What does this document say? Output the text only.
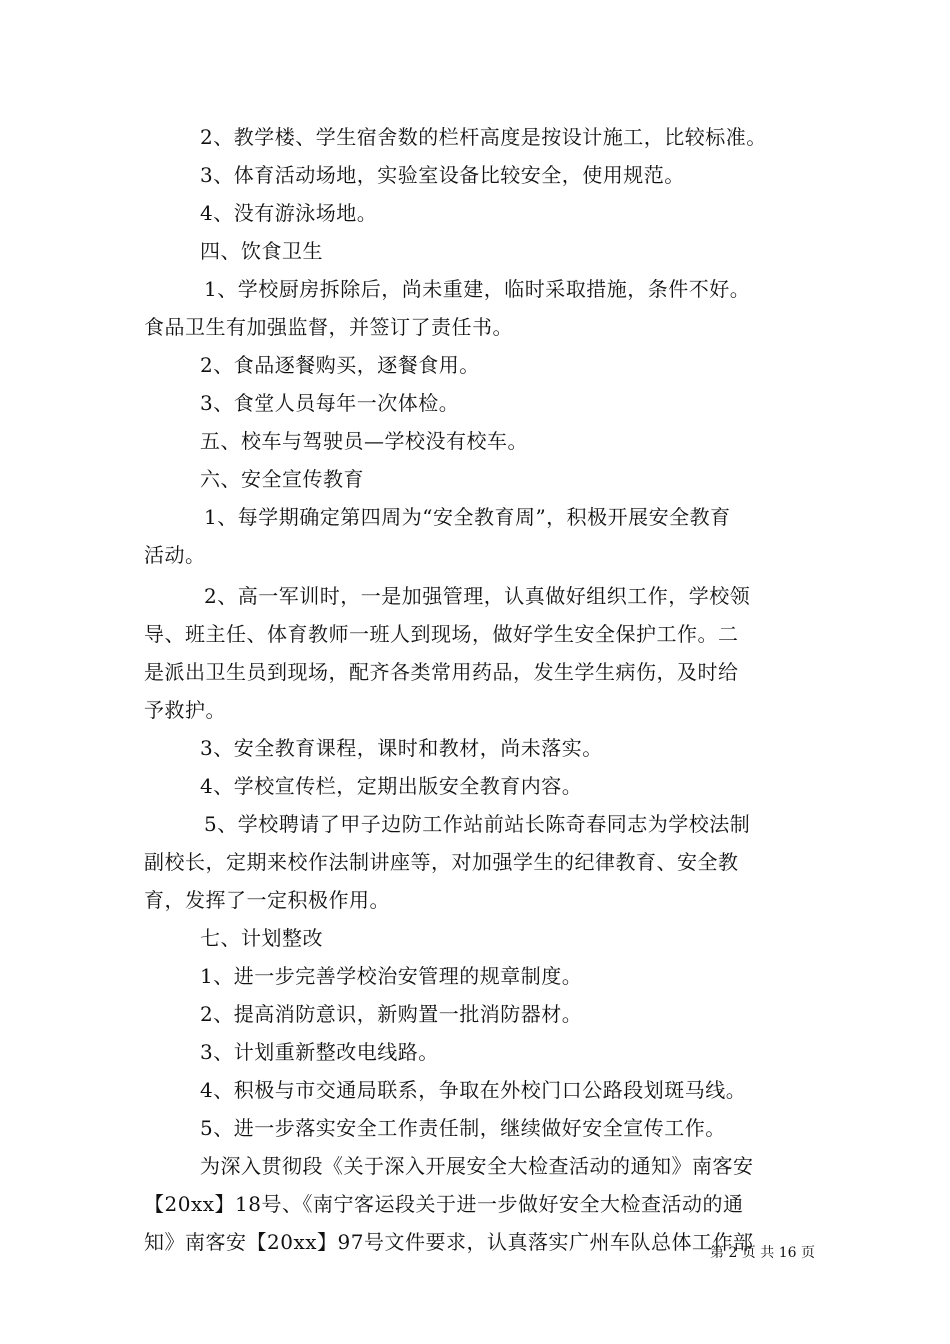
2、教学楼、学生宿舍数的栏杆高度是按设计施工，比较标准。
3、体育活动场地，实验室设备比较安全，使用规范。
4、没有游泳场地。
四、饮食卫生
1、学校厨房拆除后，尚未重建，临时采取措施，条件不好。
食品卫生有加强监督，并签订了责任书。
2、食品逐餐购买，逐餐食用。
3、食堂人员每年一次体检。
五、校车与驾驶员—学校没有校车。
六、安全宣传教育
1、每学期确定第四周为“安全教育周”，积极开展安全教育
活动。
2、高一军训时，一是加强管理，认真做好组织工作，学校领
导、班主任、体育教师一班人到现场，做好学生安全保护工作。二
是派出卫生员到现场，配齐各类常用药品，发生学生病伤，及时给
予救护。
3、安全教育课程，课时和教材，尚未落实。
4、学校宣传栏，定期出版安全教育内容。
5、学校聘请了甲子边防工作站前站长陈奇春同志为学校法制
副校长，定期来校作法制讲座等，对加强学生的纪律教育、安全教
育，发挥了一定积极作用。
七、计划整改
1、进一步完善学校治安管理的规章制度。
2、提高消防意识，新购置一批消防器材。
3、计划重新整改电线路。
4、积极与市交通局联系，争取在外校门口公路段划斑马线。
5、进一步落实安全工作责任制，继续做好安全宣传工作。
为深入贯彻段《关于深入开展安全大检查活动的通知》南客安
【20xx】18号、《南宁客运段关于进一步做好安全大检查活动的通
知》南客安【20xx】97号文件要求，认真落实广州车队总体工作部
第 2 页 共 16 页
